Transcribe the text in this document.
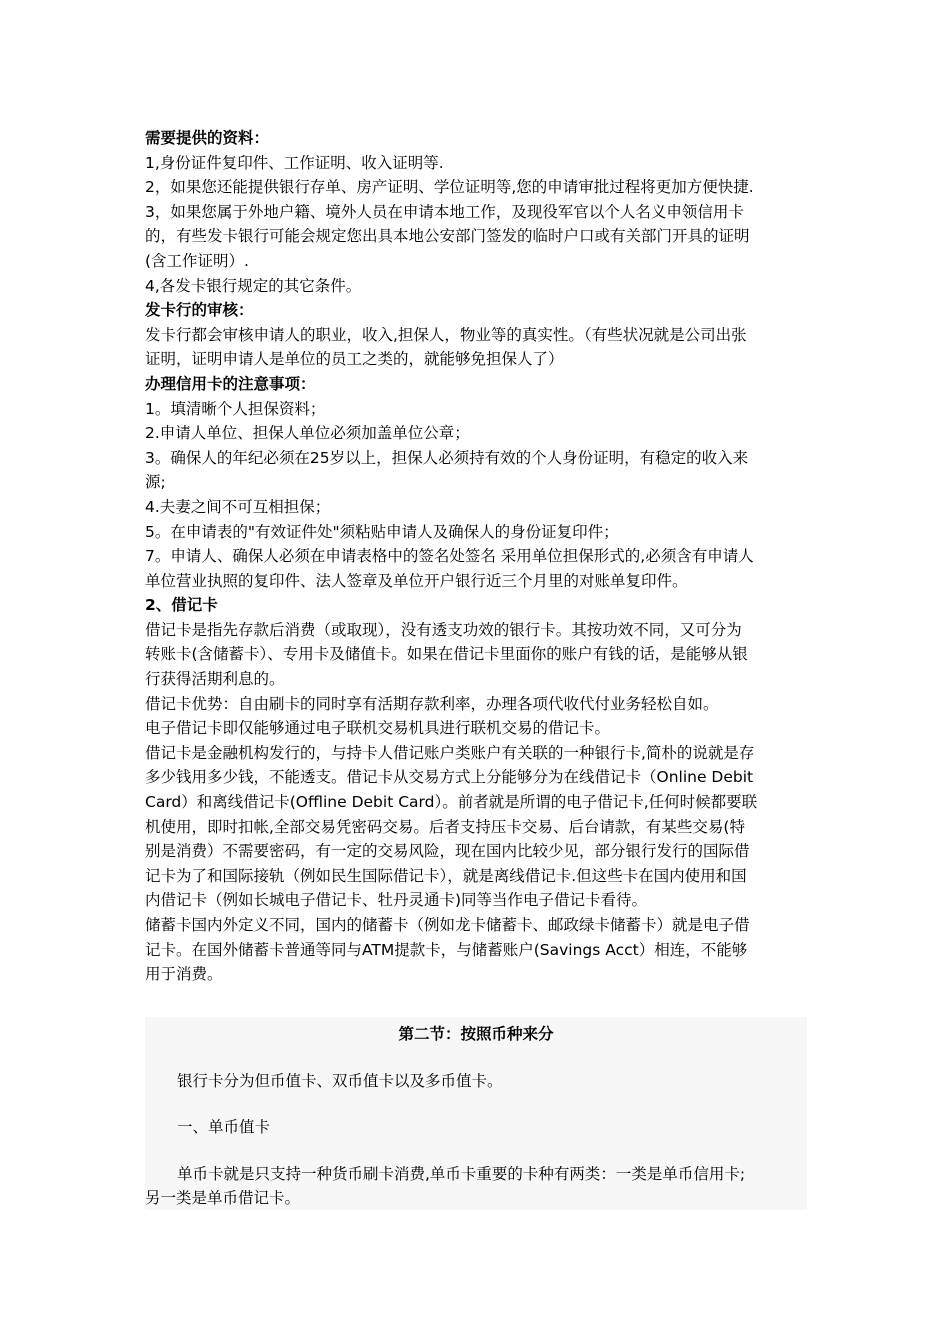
需要提供的资料：
1,身份证件复印件、工作证明、收入证明等.
2，如果您还能提供银行存单、房产证明、学位证明等,您的申请审批过程将更加方便快捷.
3，如果您属于外地户籍、境外人员在申请本地工作，及现役军官以个人名义申领信用卡
的，有些发卡银行可能会规定您出具本地公安部门签发的临时户口或有关部门开具的证明
(含工作证明）.
4,各发卡银行规定的其它条件。
发卡行的审核：
发卡行都会审核申请人的职业，收入,担保人，物业等的真实性。（有些状况就是公司出张
证明，证明申请人是单位的员工之类的，就能够免担保人了）
办理信用卡的注意事项：
1。填清晰个人担保资料；
2.申请人单位、担保人单位必须加盖单位公章；
3。确保人的年纪必须在25岁以上，担保人必须持有效的个人身份证明，有稳定的收入来
源;
4.夫妻之间不可互相担保；
5。在申请表的"有效证件处"须粘贴申请人及确保人的身份证复印件；
7。申请人、确保人必须在申请表格中的签名处签名 采用单位担保形式的,必须含有申请人
单位营业执照的复印件、法人签章及单位开户银行近三个月里的对账单复印件。
2、借记卡
借记卡是指先存款后消费（或取现），没有透支功效的银行卡。其按功效不同，又可分为
转账卡(含储蓄卡）、专用卡及储值卡。如果在借记卡里面你的账户有钱的话，是能够从银
行获得活期利息的。
借记卡优势：自由刷卡的同时享有活期存款利率，办理各项代收代付业务轻松自如。
电子借记卡即仅能够通过电子联机交易机具进行联机交易的借记卡。
借记卡是金融机构发行的，与持卡人借记账户类账户有关联的一种银行卡,简朴的说就是存
多少钱用多少钱，不能透支。借记卡从交易方式上分能够分为在线借记卡（Online Debit
Card）和离线借记卡(Offline Debit Card）。前者就是所谓的电子借记卡,任何时候都要联
机使用，即时扣帐,全部交易凭密码交易。后者支持压卡交易、后台请款，有某些交易(特
别是消费）不需要密码，有一定的交易风险，现在国内比较少见，部分银行发行的国际借
记卡为了和国际接轨（例如民生国际借记卡），就是离线借记卡.但这些卡在国内使用和国
内借记卡（例如长城电子借记卡、牡丹灵通卡)同等当作电子借记卡看待。
储蓄卡国内外定义不同，国内的储蓄卡（例如龙卡储蓄卡、邮政绿卡储蓄卡）就是电子借
记卡。在国外储蓄卡普通等同与ATM提款卡，与储蓄账户(Savings Acct）相连，不能够
用于消费。
第二节：按照币种来分
银行卡分为但币值卡、双币值卡以及多币值卡。
一、单币值卡
单币卡就是只支持一种货币刷卡消费,单币卡重要的卡种有两类：一类是单币信用卡;
另一类是单币借记卡。
